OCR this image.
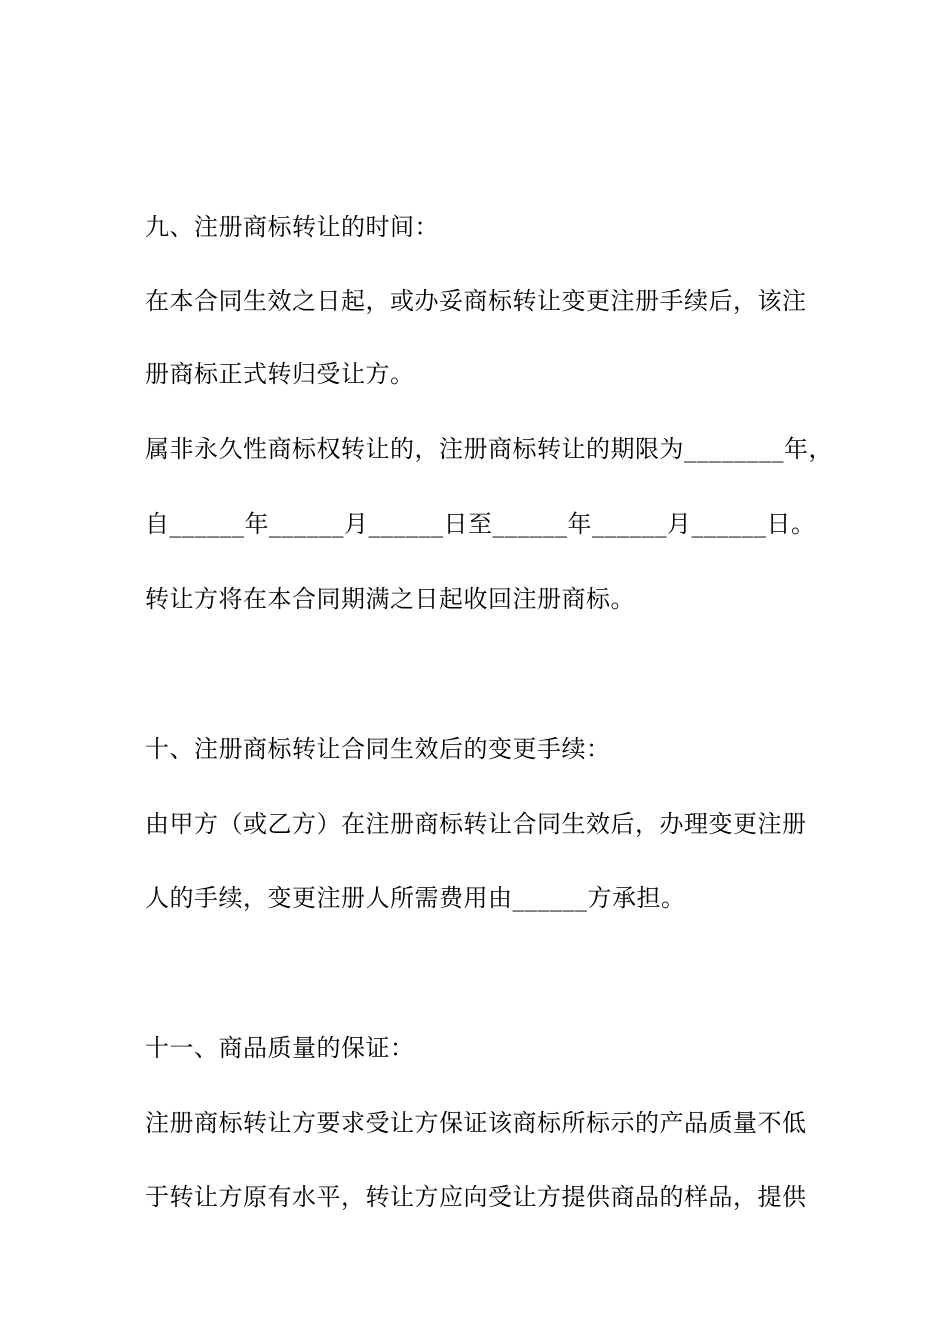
九、注册商标转让的时间：
在本合同生效之日起，或办妥商标转让变更注册手续后，该注
册商标正式转归受让方。
属非永久性商标权转让的，注册商标转让的期限为________年，
自______年______月______日至______年______月______日。
转让方将在本合同期满之日起收回注册商标。
十、注册商标转让合同生效后的变更手续：
由甲方（或乙方）在注册商标转让合同生效后，办理变更注册
人的手续，变更注册人所需费用由______方承担。
十一、商品质量的保证：
注册商标转让方要求受让方保证该商标所标示的产品质量不低
于转让方原有水平，转让方应向受让方提供商品的样品，提供
